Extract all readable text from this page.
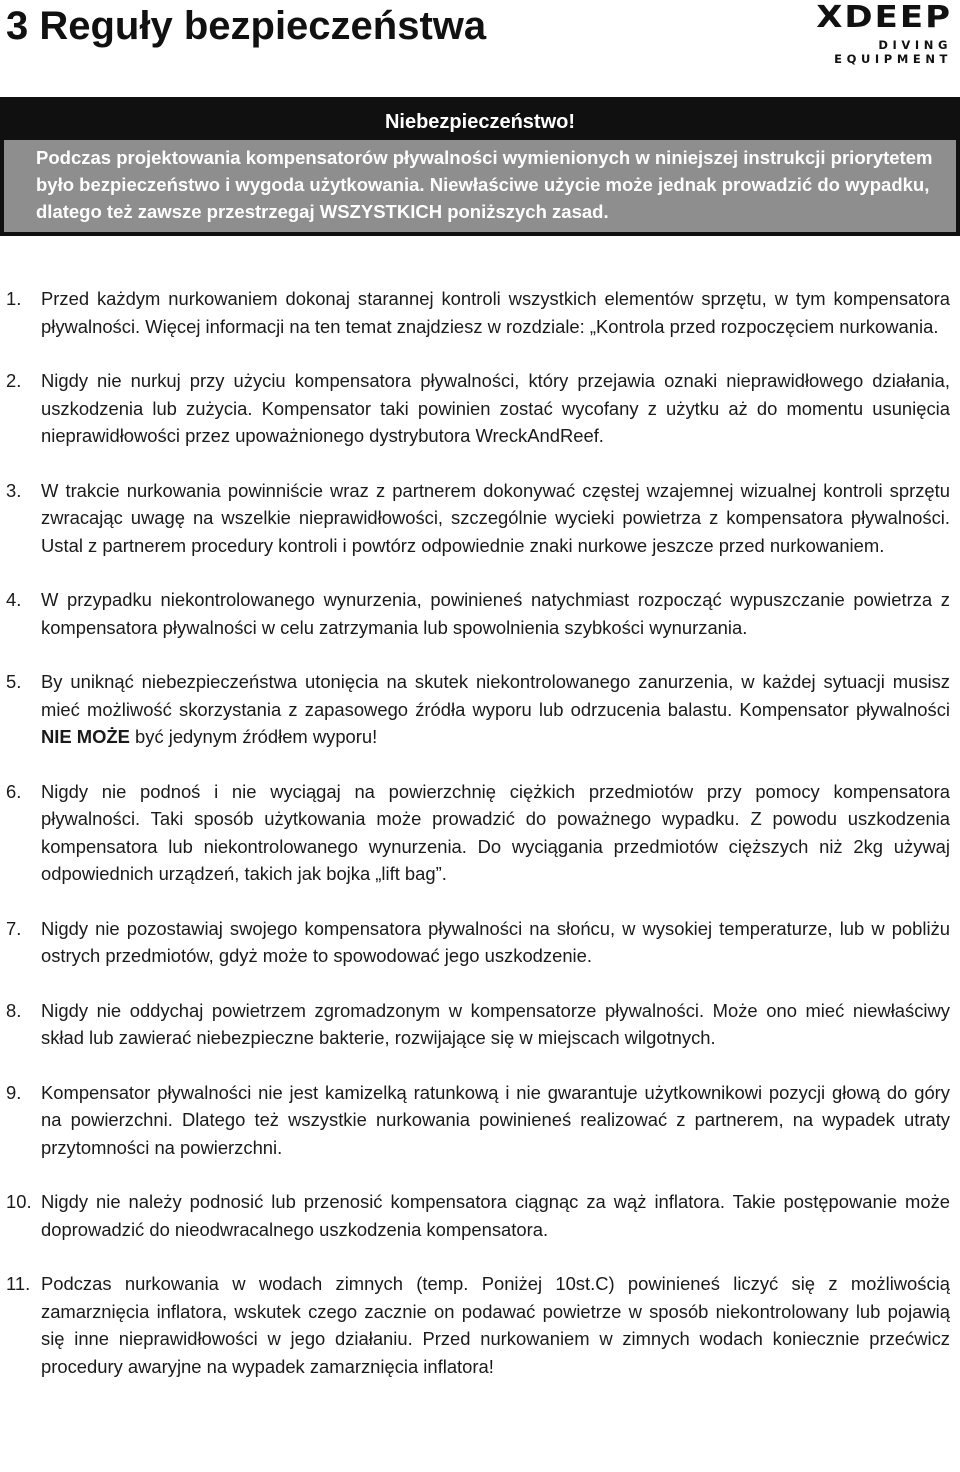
3 Reguły bezpieczeństwa	XDEEP
DIVING EQUIPMENT
Niebezpieczeństwo!
Podczas projektowania kompensatorów pływalności wymienionych w niniejszej instrukcji priorytetem było bezpieczeństwo i wygoda użytkowania. Niewłaściwe użycie może jednak prowadzić do wypadku, dlatego też zawsze przestrzegaj WSZYSTKICH poniższych zasad.
1. Przed każdym nurkowaniem dokonaj starannej kontroli wszystkich elementów sprzętu, w tym kompensatora pływalności. Więcej informacji na ten temat znajdziesz w rozdziale: „Kontrola przed rozpoczęciem nurkowania.
2. Nigdy nie nurkuj przy użyciu kompensatora pływalności, który przejawia oznaki nieprawidłowego działania, uszkodzenia lub zużycia. Kompensator taki powinien zostać wycofany z użytku aż do momentu usunięcia nieprawidłowości przez upoważnionego dystrybutora WreckAndReef.
3. W trakcie nurkowania powinniście wraz z partnerem dokonywać częstej wzajemnej wizualnej kontroli sprzętu zwracając uwagę na wszelkie nieprawidłowości, szczególnie wycieki powietrza z kompensatora pływalności. Ustal z partnerem procedury kontroli i powtórz odpowiednie znaki nurkowe jeszcze przed nurkowaniem.
4. W przypadku niekontrolowanego wynurzenia, powinieneś natychmiast rozpocząć wypuszczanie powietrza z kompensatora pływalności w celu zatrzymania lub spowolnienia szybkości wynurzania.
5. By uniknąć niebezpieczeństwa utonięcia na skutek niekontrolowanego zanurzenia, w każdej sytuacji musisz mieć możliwość skorzystania z zapasowego źródła wyporu lub odrzucenia balastu. Kompensator pływalności NIE MOŻE być jedynym źródłem wyporu!
6. Nigdy nie podnoś i nie wyciągaj na powierzchnię ciężkich przedmiotów przy pomocy kompensatora pływalności. Taki sposób użytkowania może prowadzić do poważnego wypadku. Z powodu uszkodzenia kompensatora lub niekontrolowanego wynurzenia. Do wyciągania przedmiotów cięższych niż 2kg używaj odpowiednich urządzeń, takich jak bojka „lift bag”.
7. Nigdy nie pozostawiaj swojego kompensatora pływalności na słońcu, w wysokiej temperaturze, lub w pobliżu ostrych przedmiotów, gdyż może to spowodować jego uszkodzenie.
8. Nigdy nie oddychaj powietrzem zgromadzonym w kompensatorze pływalności. Może ono mieć niewłaściwy skład lub zawierać niebezpieczne bakterie, rozwijające się w miejscach wilgotnych.
9. Kompensator pływalności nie jest kamizelką ratunkową i nie gwarantuje użytkownikowi pozycji głową do góry na powierzchni. Dlatego też wszystkie nurkowania powinieneś realizować z partnerem, na wypadek utraty przytomności na powierzchni.
10. Nigdy nie należy podnosić lub przenosić kompensatora ciągnąc za wąż inflatora. Takie postępowanie może doprowadzić do nieodwracalnego uszkodzenia kompensatora.
11. Podczas nurkowania w wodach zimnych (temp. Poniżej 10st.C) powinieneś liczyć się z możliwością zamarznięcia inflatora, wskutek czego zacznie on podawać powietrze w sposób niekontrolowany lub pojawią się inne nieprawidłowości w jego działaniu. Przed nurkowaniem w zimnych wodach koniecznie przećwicz procedury awaryjne na wypadek zamarznięcia inflatora!
